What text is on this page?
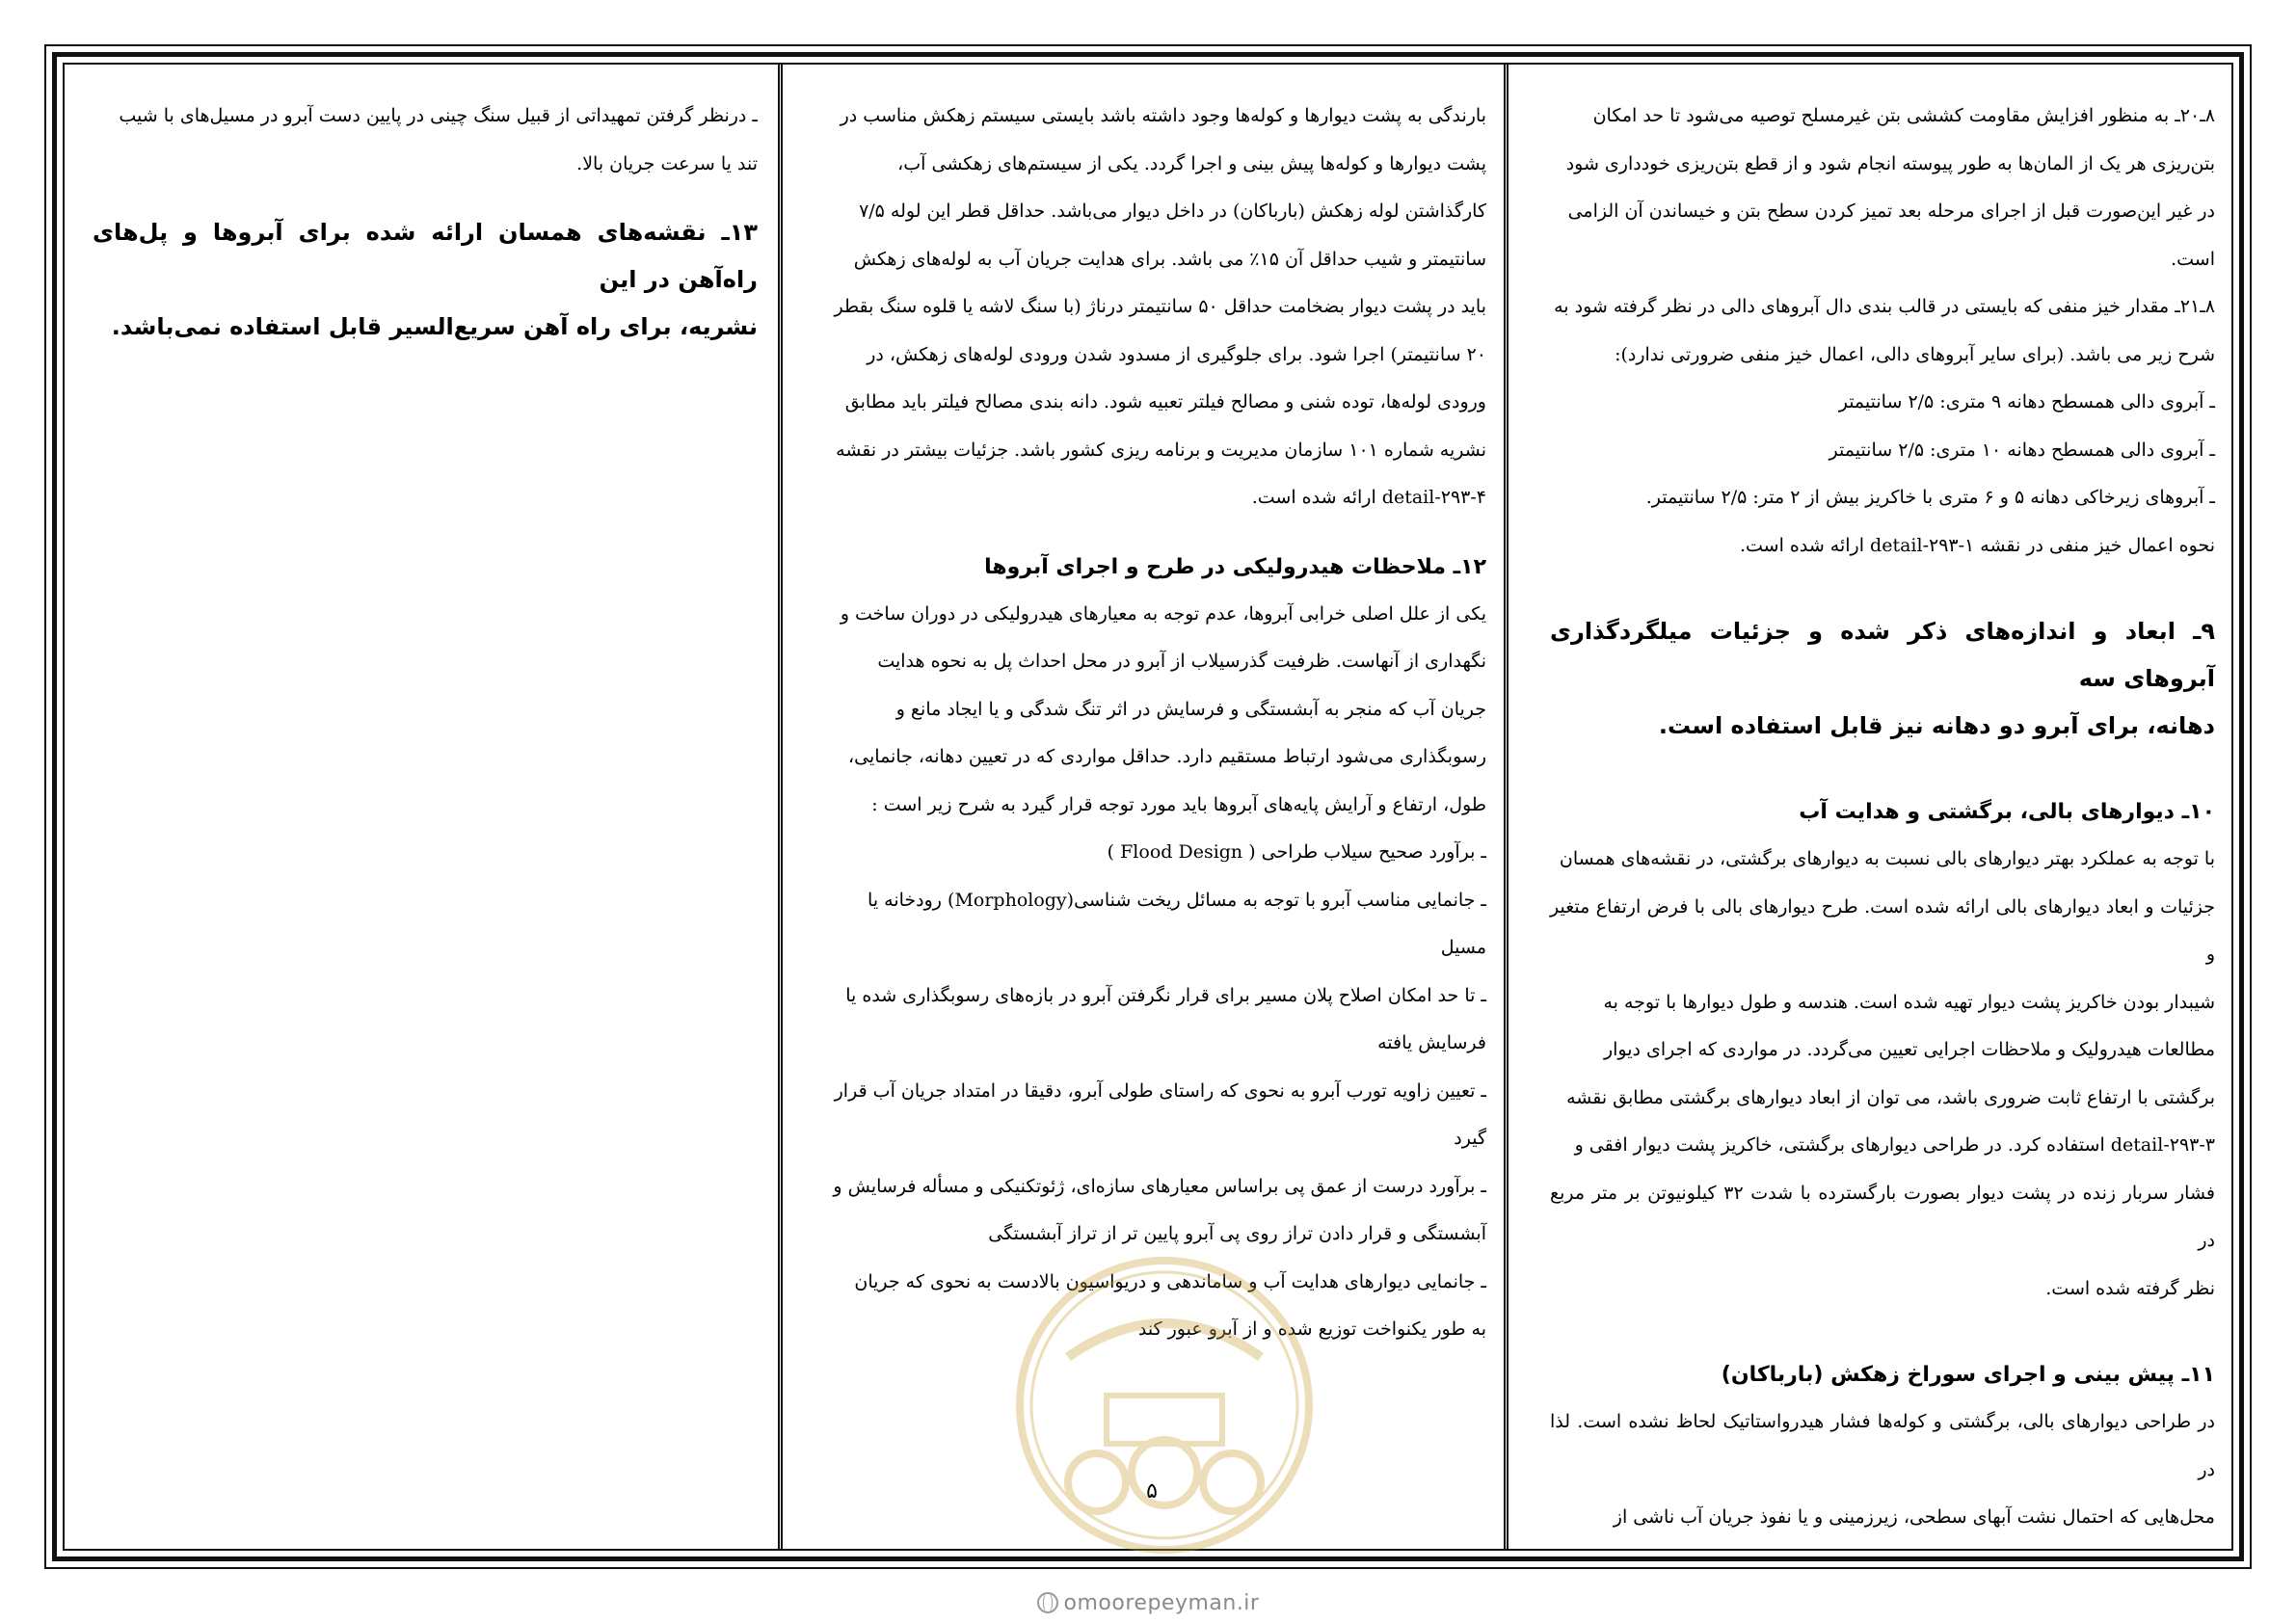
۸ـ۲۰ـ به منظور افزایش مقاومت کششی بتن غیرمسلح توصیه می‌شود تا حد امکان
بتن‌ریزی هر یک از المان‌ها به طور پیوسته انجام شود و از قطع بتن‌ریزی خودداری شود
در غیر این‌صورت قبل از اجرای مرحله بعد تمیز کردن سطح بتن و خیساندن آن الزامی
است.

۸ـ۲۱ـ مقدار خیز منفی که بایستی در قالب بندی دال آبروهای دالی در نظر گرفته شود به
شرح زیر می باشد. (برای سایر آبروهای دالی، اعمال خیز منفی ضرورتی ندارد):
ـ آبروی دالی همسطح دهانه ۹ متری: ۲/۵ سانتیمتر
ـ آبروی دالی همسطح دهانه ۱۰ متری: ۲/۵ سانتیمتر
ـ آبروهای زیرخاکی دهانه ۵ و ۶ متری با خاکریز بیش از ۲ متر: ۲/۵ سانتیمتر.
نحوه اعمال خیز منفی در نقشه ۱-detail-۲۹۳ ارائه شده است.

۹ـ ابعاد و اندازه‌های ذکر شده و جزئیات میلگردگذاری آبروهای سه
دهانه، برای آبرو دو دهانه نیز قابل استفاده است.
۱۰ـ دیوارهای بالی، برگشتی و هدایت آب

با توجه به عملکرد بهتر دیوارهای بالی نسبت به دیوارهای برگشتی، در نقشه‌های همسان
جزئیات و ابعاد دیوارهای بالی ارائه شده است. طرح دیوارهای بالی با فرض ارتفاع متغیر و
شیبدار بودن خاکریز پشت دیوار تهیه شده است. هندسه و طول دیوارها با توجه به
مطالعات هیدرولیک و ملاحظات اجرایی تعیین می‌گردد. در مواردی که اجرای دیوار
برگشتی با ارتفاع ثابت ضروری باشد، می توان از ابعاد دیوارهای برگشتی مطابق نقشه
۳-detail-۲۹۳ استفاده کرد. در طراحی دیوارهای برگشتی، خاکریز پشت دیوار افقی و
فشار سربار زنده در پشت دیوار بصورت بارگسترده با شدت ۳۲ کیلونیوتن بر متر مربع در
نظر گرفته شده است.

۱۱ـ پیش بینی و اجرای سوراخ زهکش (بارباکان)

در طراحی دیوارهای بالی، برگشتی و کوله‌ها فشار هیدرواستاتیک لحاظ نشده است. لذا در
محل‌هایی که احتمال نشت آبهای سطحی، زیرزمینی و یا نفوذ جریان آب ناشی از

بارندگی به پشت دیوارها و کوله‌ها وجود داشته باشد بایستی سیستم زهکش مناسب در
پشت دیوارها و کوله‌ها پیش بینی و اجرا گردد. یکی از سیستم‌های زهکشی آب،
کارگذاشتن لوله زهکش (بارباکان) در داخل دیوار می‌باشد. حداقل قطر این لوله ۷/۵
سانتیمتر و شیب حداقل آن ۱۵٪ می باشد. برای هدایت جریان آب به لوله‌های زهکش
باید در پشت دیوار بضخامت حداقل ۵۰ سانتیمتر درناژ (با سنگ لاشه یا قلوه سنگ بقطر
۲۰ سانتیمتر) اجرا شود. برای جلوگیری از مسدود شدن ورودی لوله‌های زهکش، در
ورودی لوله‌ها، توده شنی و مصالح فیلتر تعبیه شود. دانه بندی مصالح فیلتر باید مطابق
نشریه شماره ۱۰۱ سازمان مدیریت و برنامه ریزی کشور باشد. جزئیات بیشتر در نقشه
۴-detail-۲۹۳ ارائه شده است.

۱۲ـ ملاحظات هیدرولیکی در طرح و اجرای آبروها

یکی از علل اصلی خرابی آبروها، عدم توجه به معیارهای هیدرولیکی در دوران ساخت و
نگهداری از آنهاست. ظرفیت گذرسیلاب از آبرو در محل احداث پل به نحوه هدایت
جریان آب که منجر به آبشستگی و فرسایش در اثر تنگ شدگی و یا ایجاد مانع و
رسوبگذاری می‌شود ارتباط مستقیم دارد. حداقل مواردی که در تعیین دهانه، جانمایی،
طول، ارتفاع و آرایش پایه‌های آبروها باید مورد توجه قرار گیرد به شرح زیر است :
ـ برآورد صحیح سیلاب طراحی ( Flood Design )
ـ جانمایی مناسب آبرو با توجه به مسائل ریخت شناسی(Morphology) رودخانه یا
مسیل
ـ تا حد امکان اصلاح پلان مسیر برای قرار نگرفتن آبرو در بازه‌های رسوبگذاری شده یا
فرسایش یافته
ـ تعیین زاویه تورب آبرو به نحوی که راستای طولی آبرو، دقیقا در امتداد جریان آب قرار
گیرد
ـ برآورد درست از عمق پی براساس معیارهای سازه‌ای، ژئوتکنیکی و مسأله فرسایش و
آبشستگی و قرار دادن تراز روی پی آبرو پایین تر از تراز آبشستگی
ـ جانمایی دیوارهای هدایت آب و ساماندهی و دریواسیون بالادست به نحوی که جریان
به طور یکنواخت توزیع شده و از آبرو عبور کند

ـ درنظر گرفتن تمهیداتی از قبیل سنگ چینی در پایین دست آبرو در مسیل‌های با شیب
تند یا سرعت جریان بالا.

۱۳ـ نقشه‌های همسان ارائه شده برای آبروها و پل‌های راه‌آهن در این
نشریه، برای راه آهن سریع‌السیر قابل استفاده نمی‌باشد.
۵
omoorepeyman.ir
